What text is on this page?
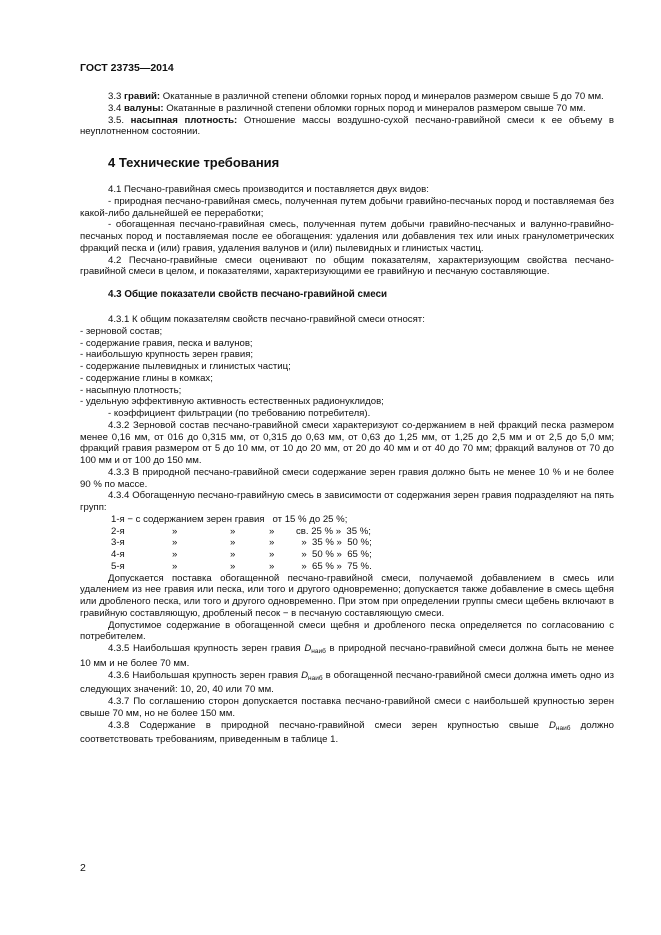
ГОСТ 23735—2014

3.3 гравий: Окатанные в различной степени обломки горных пород и минералов размером свыше 5 до 70 мм.

3.4 валуны: Окатанные в различной степени обломки горных пород и минералов размером свыше 70 мм.

3.5. насыпная плотность: Отношение массы воздушно-сухой песчано-гравийной смеси к ее объему в неуплотненном состоянии.

4 Технические требования

4.1 Песчано-гравийная смесь производится и поставляется двух видов:

- природная песчано-гравийная смесь, полученная путем добычи гравийно-песчаных пород и поставляемая без какой-либо дальнейшей ее переработки;

- обогащенная песчано-гравийная смесь, полученная путем добычи гравийно-песчаных и валунно-гравийно-песчаных пород и поставляемая после ее обогащения: удаления или добавления тех или иных гранулометрических фракций песка и (или) гравия, удаления валунов и (или) пылевидных и глинистых частиц.

4.2 Песчано-гравийные смеси оценивают по общим показателям, характеризующим свойства песчано-гравийной смеси в целом, и показателями, характеризующими ее гравийную и песчаную составляющие.

4.3 Общие показатели свойств песчано-гравийной смеси

4.3.1 К общим показателям свойств песчано-гравийной смеси относят:

- зерновой состав;

- содержание гравия, песка и валунов;

- наибольшую крупность зерен гравия;

- содержание пылевидных и глинистых частиц;

- содержание глины в комках;

- насыпную плотность;

- удельную эффективную активность естественных радионуклидов;

- коэффициент фильтрации (по требованию потребителя).

4.3.2 Зерновой состав песчано-гравийной смеси характеризуют со-держанием в ней фракций песка размером менее 0,16 мм, от 016 до 0,315 мм, от 0,315 до 0,63 мм, от 0,63 до 1,25 мм, от 1,25 до 2,5 мм и от 2,5 до 5,0 мм; фракций гравия размером от 5 до 10 мм, от 10 до 20 мм, от 20 до 40 мм и от 40 до 70 мм; фракций валунов от 70 до 100 мм и от 100 до 150 мм.

4.3.3 В природной песчано-гравийной смеси содержание зерен гравия должно быть не менее 10 % и не более 90 % по массе.

4.3.4 Обогащенную песчано-гравийную смесь в зависимости от содержания зерен гравия подразделяют на пять групп:

1-я − с содержанием зерен гравия от 15 % до 25 %;
2-я	»	»	»	св. 25 % »  35 %;
3-я	»	»	»	»  35 % »  50 %;
4-я	»	»	»	»  50 % »  65 %;
5-я	»	»	»	»  65 % »  75 %.

Допускается поставка обогащенной песчано-гравийной смеси, получаемой добавлением в смесь или удалением из нее гравия или песка, или того и другого одновременно; допускается также добавление в смесь щебня или дробленого песка, или того и другого одновременно. При этом при определении группы смеси щебень включают в гравийную составляющую, дробленый песок − в песчаную составляющую смеси.

Допустимое содержание в обогащенной смеси щебня и дробленого песка определяется по согласованию с потребителем.

4.3.5 Наибольшая крупность зерен гравия $D_{наиб}$ в природной песчано-гравийной смеси должна быть не менее 10 мм и не более 70 мм.

4.3.6 Наибольшая крупность зерен гравия $D_{наиб}$ в обогащенной песчано-гравийной смеси должна иметь одно из следующих значений: 10, 20, 40 или 70 мм.

4.3.7 По соглашению сторон допускается поставка песчано-гравийной смеси с наибольшей крупностью зерен свыше 70 мм, но не более 150 мм.

4.3.8 Содержание в природной песчано-гравийной смеси зерен крупностью свыше $D_{наиб}$ должно соответствовать требованиям, приведенным в таблице 1.

2
